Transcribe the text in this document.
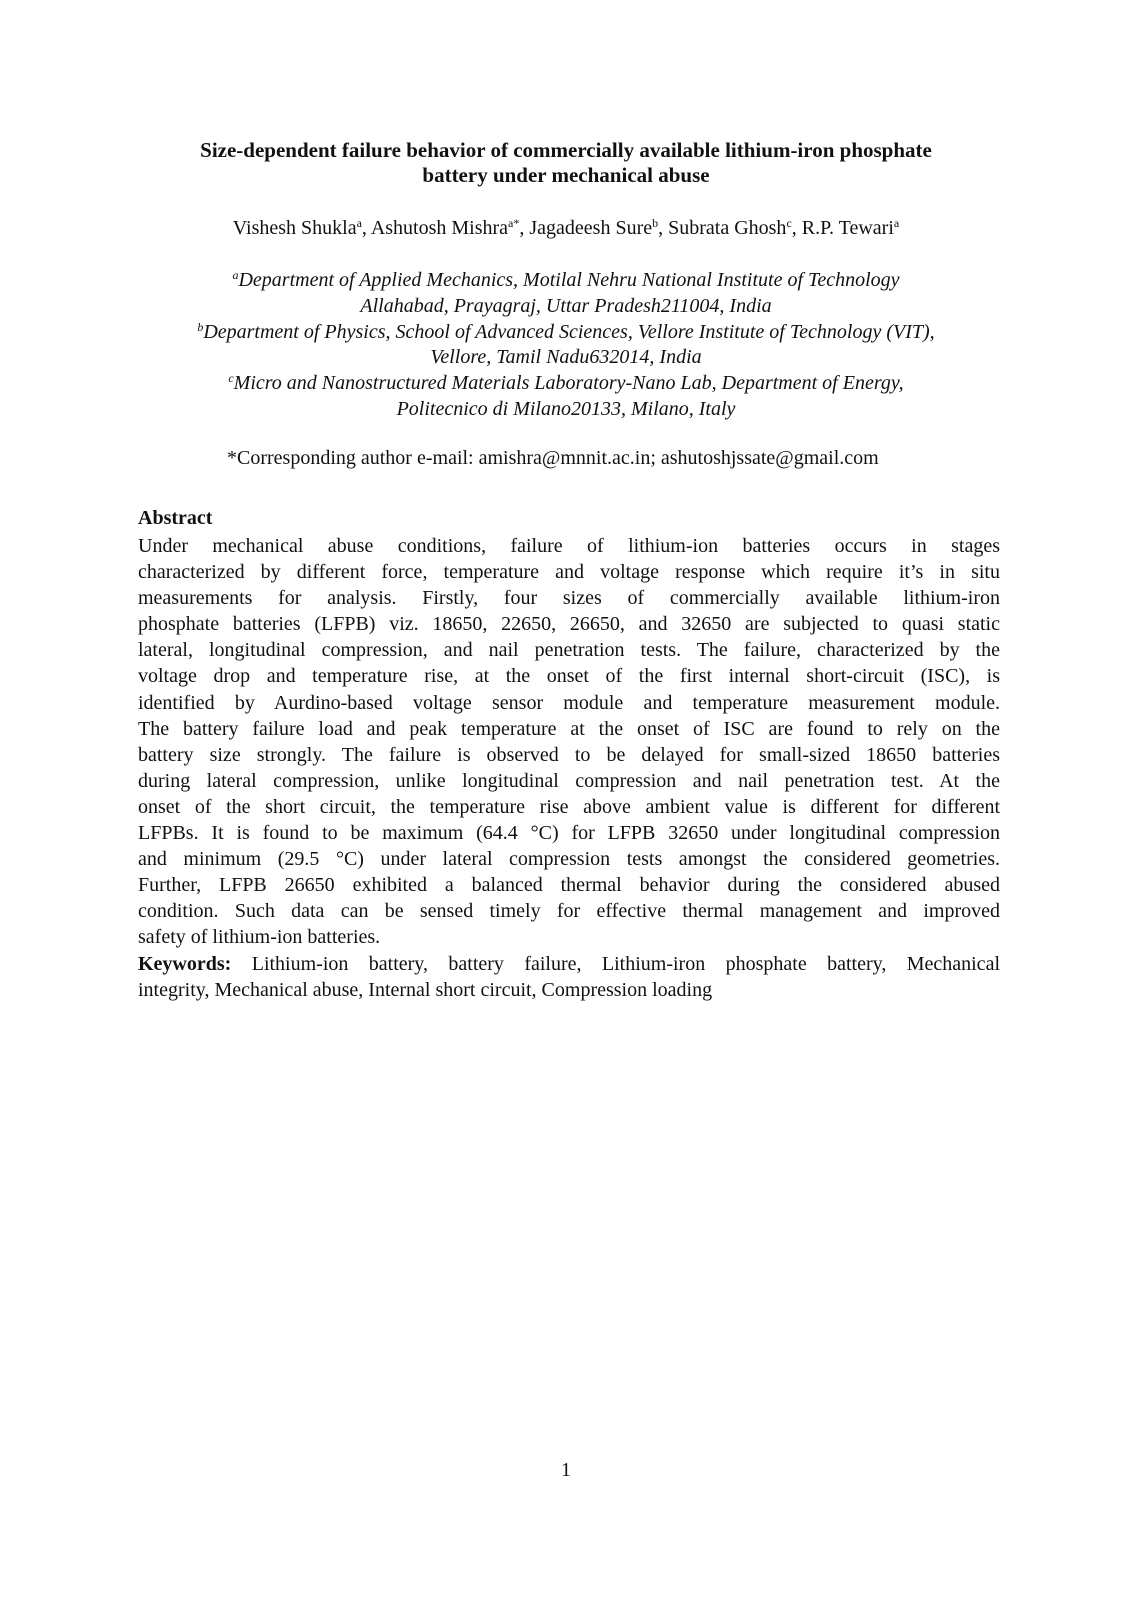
Size-dependent failure behavior of commercially available lithium-iron phosphate
battery under mechanical abuse
Vishesh Shukla$^a$, Ashutosh Mishra$^{a*}$, Jagadeesh Sure$^b$, Subrata Ghosh$^c$, R.P. Tewari$^a$
$^a$Department of Applied Mechanics, Motilal Nehru National Institute of Technology
Allahabad, Prayagraj, Uttar Pradesh211004, India
$^b$Department of Physics, School of Advanced Sciences, Vellore Institute of Technology (VIT),
Vellore, Tamil Nadu632014, India
$^c$Micro and Nanostructured Materials Laboratory-Nano Lab, Department of Energy,
Politecnico di Milano20133, Milano, Italy
*Corresponding author e-mail: amishra@mnnit.ac.in; ashutoshjssate@gmail.com
Abstract
Under mechanical abuse conditions, failure of lithium-ion batteries occurs in stages
characterized by different force, temperature and voltage response which require it’s in situ
measurements for analysis. Firstly, four sizes of commercially available lithium-iron
phosphate batteries (LFPB) viz. 18650, 22650, 26650, and 32650 are subjected to quasi static
lateral, longitudinal compression, and nail penetration tests. The failure, characterized by the
voltage drop and temperature rise, at the onset of the first internal short-circuit (ISC), is
identified by Aurdino-based voltage sensor module and temperature measurement module.
The battery failure load and peak temperature at the onset of ISC are found to rely on the
battery size strongly. The failure is observed to be delayed for small-sized 18650 batteries
during lateral compression, unlike longitudinal compression and nail penetration test. At the
onset of the short circuit, the temperature rise above ambient value is different for different
LFPBs. It is found to be maximum (64.4 °C) for LFPB 32650 under longitudinal compression
and minimum (29.5 °C) under lateral compression tests amongst the considered geometries.
Further, LFPB 26650 exhibited a balanced thermal behavior during the considered abused
condition. Such data can be sensed timely for effective thermal management and improved
safety of lithium-ion batteries.
Keywords: Lithium-ion battery, battery failure, Lithium-iron phosphate battery, Mechanical
integrity, Mechanical abuse, Internal short circuit, Compression loading
1
